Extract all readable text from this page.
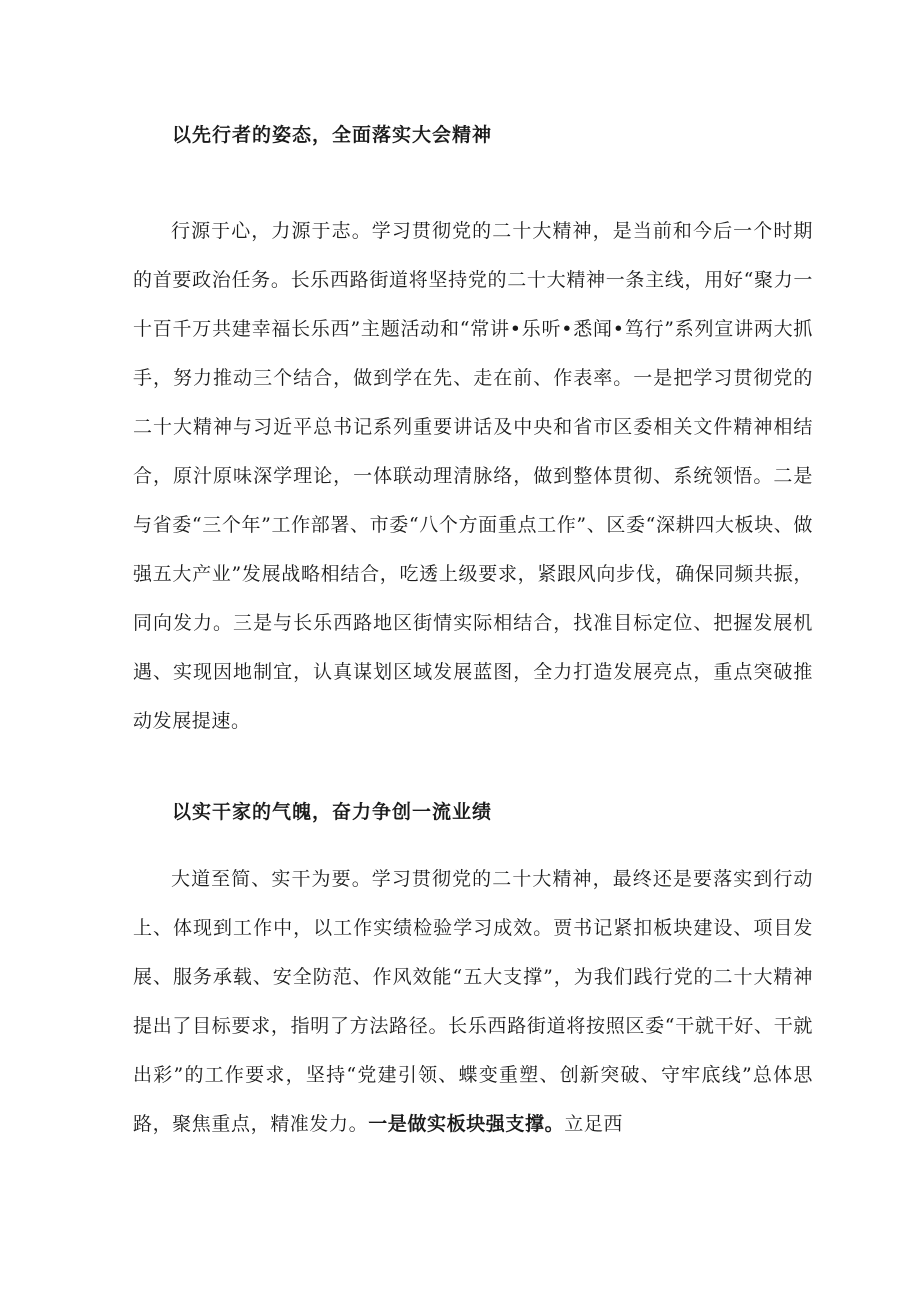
以先行者的姿态，全面落实大会精神

行源于心，力源于志。学习贯彻党的二十大精神，是当前和今后一个时期的首要政治任务。长乐西路街道将坚持党的二十大精神一条主线，用好“聚力一十百千万共建幸福长乐西”主题活动和“常讲•乐听•悉闻•笃行”系列宣讲两大抓手，努力推动三个结合，做到学在先、走在前、作表率。一是把学习贯彻党的二十大精神与习近平总书记系列重要讲话及中央和省市区委相关文件精神相结合，原汁原味深学理论，一体联动理清脉络，做到整体贯彻、系统领悟。二是与省委“三个年”工作部署、市委“八个方面重点工作”、区委“深耕四大板块、做强五大产业”发展战略相结合，吃透上级要求，紧跟风向步伐，确保同频共振，同向发力。三是与长乐西路地区街情实际相结合，找准目标定位、把握发展机遇、实现因地制宜，认真谋划区域发展蓝图，全力打造发展亮点，重点突破推动发展提速。

以实干家的气魄，奋力争创一流业绩

大道至简、实干为要。学习贯彻党的二十大精神，最终还是要落实到行动上、体现到工作中，以工作实绩检验学习成效。贾书记紧扣板块建设、项目发展、服务承载、安全防范、作风效能“五大支撑”，为我们践行党的二十大精神提出了目标要求，指明了方法路径。长乐西路街道将按照区委“干就干好、干就出彩”的工作要求，坚持“党建引领、蝶变重塑、创新突破、守牢底线”总体思路，聚焦重点，精准发力。一是做实板块强支撑。立足西
